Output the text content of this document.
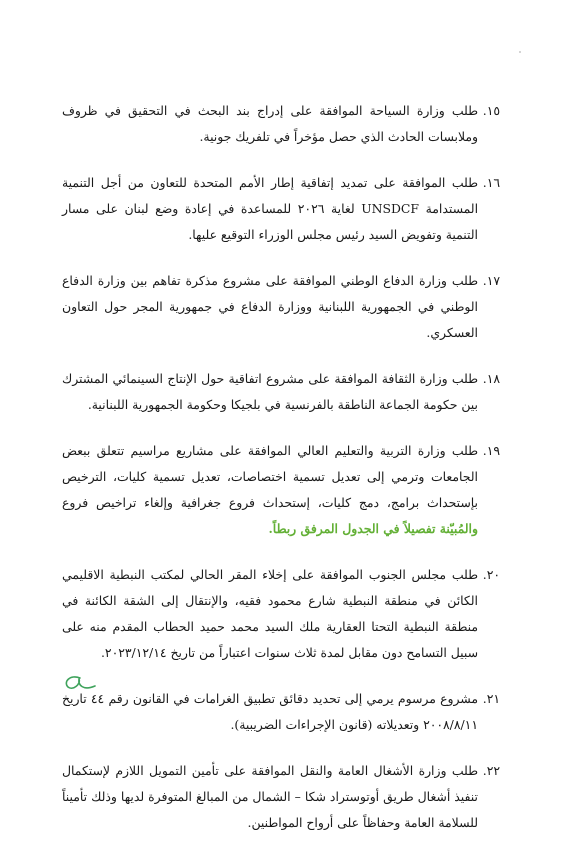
١٥.
طلب وزارة السياحة الموافقة على إدراج بند البحث في التحقيق في ظروف وملابسات الحادث الذي حصل مؤخراً في تلفريك جونية.
١٦.
طلب الموافقة على تمديد إتفاقية إطار الأمم المتحدة للتعاون من أجل التنمية المستدامة UNSDCF لغاية ٢٠٢٦ للمساعدة في إعادة وضع لبنان على مسار التنمية وتفويض السيد رئيس مجلس الوزراء التوقيع عليها.
١٧.
طلب وزارة الدفاع الوطني الموافقة على مشروع مذكرة تفاهم بين وزارة الدفاع الوطني في الجمهورية اللبنانية ووزارة الدفاع في جمهورية المجر حول التعاون العسكري.
١٨.
طلب وزارة الثقافة الموافقة على مشروع اتفاقية حول الإنتاج السينمائي المشترك بين حكومة الجماعة الناطقة بالفرنسية في بلجيكا وحكومة الجمهورية اللبنانية.
١٩.
طلب وزارة التربية والتعليم العالي الموافقة على مشاريع مراسيم تتعلق ببعض الجامعات وترمي إلى تعديل تسمية اختصاصات، تعديل تسمية كليات، الترخيص بإستحداث برامج، دمج كليات، إستحداث فروع جغرافية وإلغاء تراخيص فروع والمُبيّنة تفصيلاً في الجدول المرفق ربطاً.
٢٠.
طلب مجلس الجنوب الموافقة على إخلاء المقر الحالي لمكتب النبطية الاقليمي الكائن في منطقة النبطية شارع محمود فقيه، والإنتقال إلى الشقة الكائنة في منطقة النبطية التحتا العقارية ملك السيد محمد حميد الحطاب المقدم منه على سبيل التسامح دون مقابل لمدة ثلاث سنوات اعتباراً من تاريخ ٢٠٢٣/١٢/١٤.
٢١.
مشروع مرسوم يرمي إلى تحديد دقائق تطبيق الغرامات في القانون رقم ٤٤ تاريخ ٢٠٠٨/٨/١١ وتعديلاته (قانون الإجراءات الضريبية).
٢٢.
طلب وزارة الأشغال العامة والنقل الموافقة على تأمين التمويل اللازم لإستكمال تنفيذ أشغال طريق أوتوستراد شكا – الشمال من المبالغ المتوفرة لديها وذلك تأميناً للسلامة العامة وحفاظاً على أرواح المواطنين.
